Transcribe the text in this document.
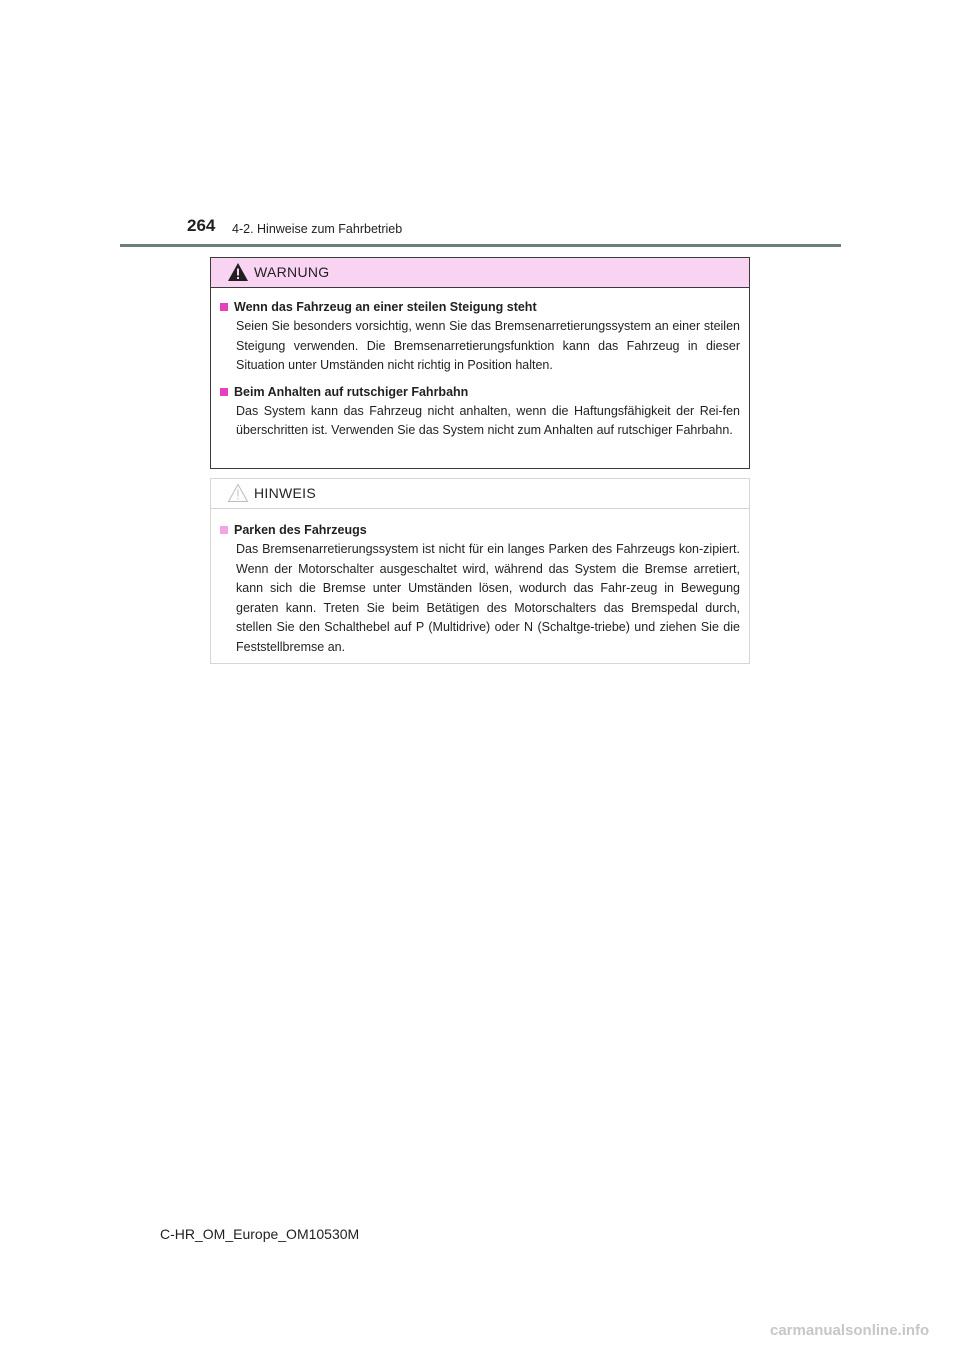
264 4-2. Hinweise zum Fahrbetrieb
WARNUNG

Wenn das Fahrzeug an einer steilen Steigung steht

Seien Sie besonders vorsichtig, wenn Sie das Bremsenarretierungssystem an einer steilen Steigung verwenden. Die Bremsenarretierungsfunktion kann das Fahrzeug in dieser Situation unter Umständen nicht richtig in Position halten.

Beim Anhalten auf rutschiger Fahrbahn

Das System kann das Fahrzeug nicht anhalten, wenn die Haftungsfähigkeit der Rei-fen überschritten ist. Verwenden Sie das System nicht zum Anhalten auf rutschiger Fahrbahn.

HINWEIS

Parken des Fahrzeugs

Das Bremsenarretierungssystem ist nicht für ein langes Parken des Fahrzeugs kon-zipiert. Wenn der Motorschalter ausgeschaltet wird, während das System die Bremse arretiert, kann sich die Bremse unter Umständen lösen, wodurch das Fahr-zeug in Bewegung geraten kann. Treten Sie beim Betätigen des Motorschalters das Bremspedal durch, stellen Sie den Schalthebel auf P (Multidrive) oder N (Schaltge-triebe) und ziehen Sie die Feststellbremse an.

C-HR_OM_Europe_OM10530M
carmanualsonline.info
